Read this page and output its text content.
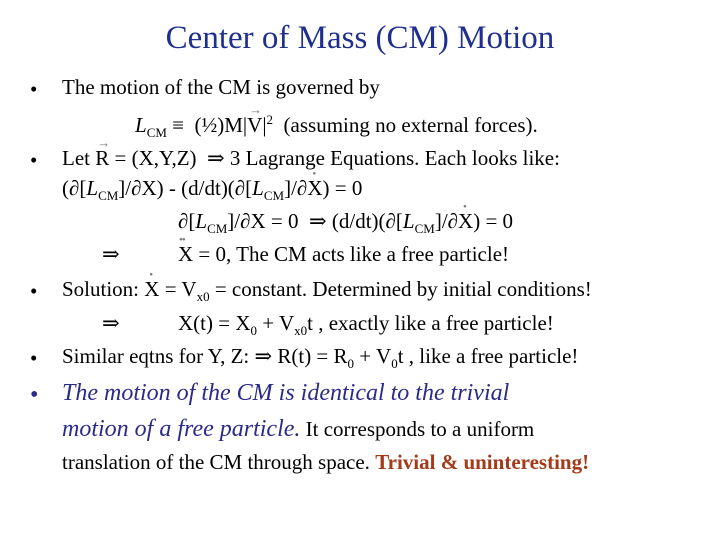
Center of Mass (CM) Motion
• The motion of the CM is governed by
$L_{CM}$ ≡ (½)M|→ $V|^2$ (assuming no external forces).
• Let → R = (X,Y,Z) ⇒ 3 Lagrange Equations. Each looks like:
$(\partial[L_{CM}]/\partial X)$ - $(d/dt)(\partial[L_{CM}]/\partial•$ X) = 0
$\partial[L_{CM}]/\partial X = 0$ ⇒ $(d/dt)(\partial[L_{CM}]/\partial•$ X) = 0
⇒
••	X = 0, The CM acts like a free particle!
• Solution: • $X = V_{x0}$ = constant. Determined by initial conditions!
⇒	$X(t) = X_0 + V_{x0}t$ , exactly like a free particle!
• Similar eqtns for Y, Z: ⇒ $R(t) = R_0 + V_0t$ , like a free particle!
• The motion of the CM is identical to the trivial
motion of a free particle. It corresponds to a uniform
translation of the CM through space. Trivial & uninteresting!
